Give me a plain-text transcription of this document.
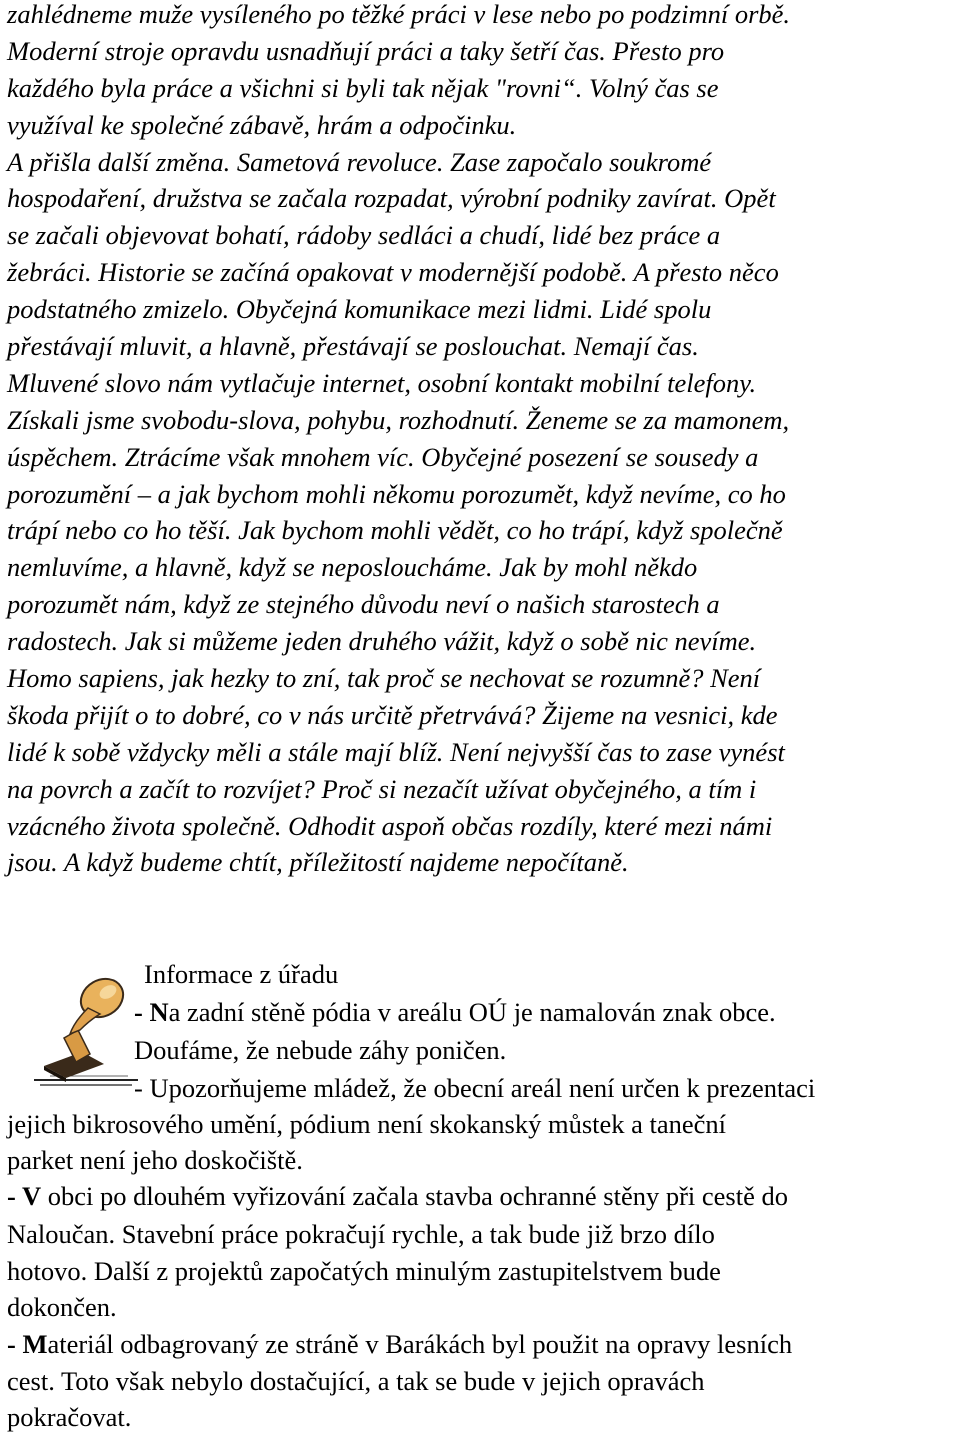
zahlédneme muže vysíleného po těžké práci v lese nebo po podzimní orbě.
Moderní stroje opravdu usnadňují práci a taky šetří čas. Přesto pro
každého byla práce a všichni si byli tak nějak "rovni“. Volný čas se
využíval ke společné zábavě, hrám a odpočinku.
A přišla další změna. Sametová revoluce. Zase započalo soukromé
hospodaření, družstva se začala rozpadat, výrobní podniky zavírat. Opět
se začali objevovat bohatí, rádoby sedláci a chudí, lidé bez práce a
žebráci. Historie se začíná opakovat v modernější podobě. A přesto něco
podstatného zmizelo. Obyčejná komunikace mezi lidmi. Lidé spolu
přestávají mluvit, a hlavně, přestávají se poslouchat. Nemají čas.
Mluvené slovo nám vytlačuje internet, osobní kontakt mobilní telefony.
Získali jsme svobodu-slova, pohybu, rozhodnutí. Ženeme se za mamonem,
úspěchem. Ztrácíme však mnohem víc. Obyčejné posezení se sousedy a
porozumění – a jak bychom mohli někomu porozumět, když nevíme, co ho
trápí nebo co ho těší. Jak bychom mohli vědět, co ho trápí, když společně
nemluvíme, a hlavně, když se neposloucháme. Jak by mohl někdo
porozumět nám, když ze stejného důvodu neví o našich starostech a
radostech. Jak si můžeme jeden druhého vážit, když o sobě nic nevíme.
Homo sapiens, jak hezky to zní, tak proč se nechovat se rozumně? Není
škoda přijít o to dobré, co v nás určitě přetrvává? Žijeme na vesnici, kde
lidé k sobě vždycky měli a stále mají blíž. Není nejvyšší čas to zase vynést
na povrch a začít to rozvíjet? Proč si nezačít užívat obyčejného, a tím i
vzácného života společně. Odhodit aspoň občas rozdíly, které mezi námi
jsou. A když budeme chtít, příležitostí najdeme nepočítaně.
Informace z úřadu
- Na zadní stěně pódia v areálu OÚ je namalován znak obce.
Doufáme, že nebude záhy poničen.
- Upozorňujeme mládež, že obecní areál není určen k prezentaci
jejich bikrosového umění, pódium není skokanský můstek a taneční
parket není jeho doskočiště.
- V obci po dlouhém vyřizování začala stavba ochranné stěny při cestě do
Naloučan. Stavební práce pokračují rychle, a tak bude již brzo dílo
hotovo. Další z projektů započatých minulým zastupitelstvem bude
dokončen.
- Materiál odbagrovaný ze stráně v Barákách byl použit na opravy lesních
cest. Toto však nebylo dostačující, a tak se bude v jejich opravách
pokračovat.
